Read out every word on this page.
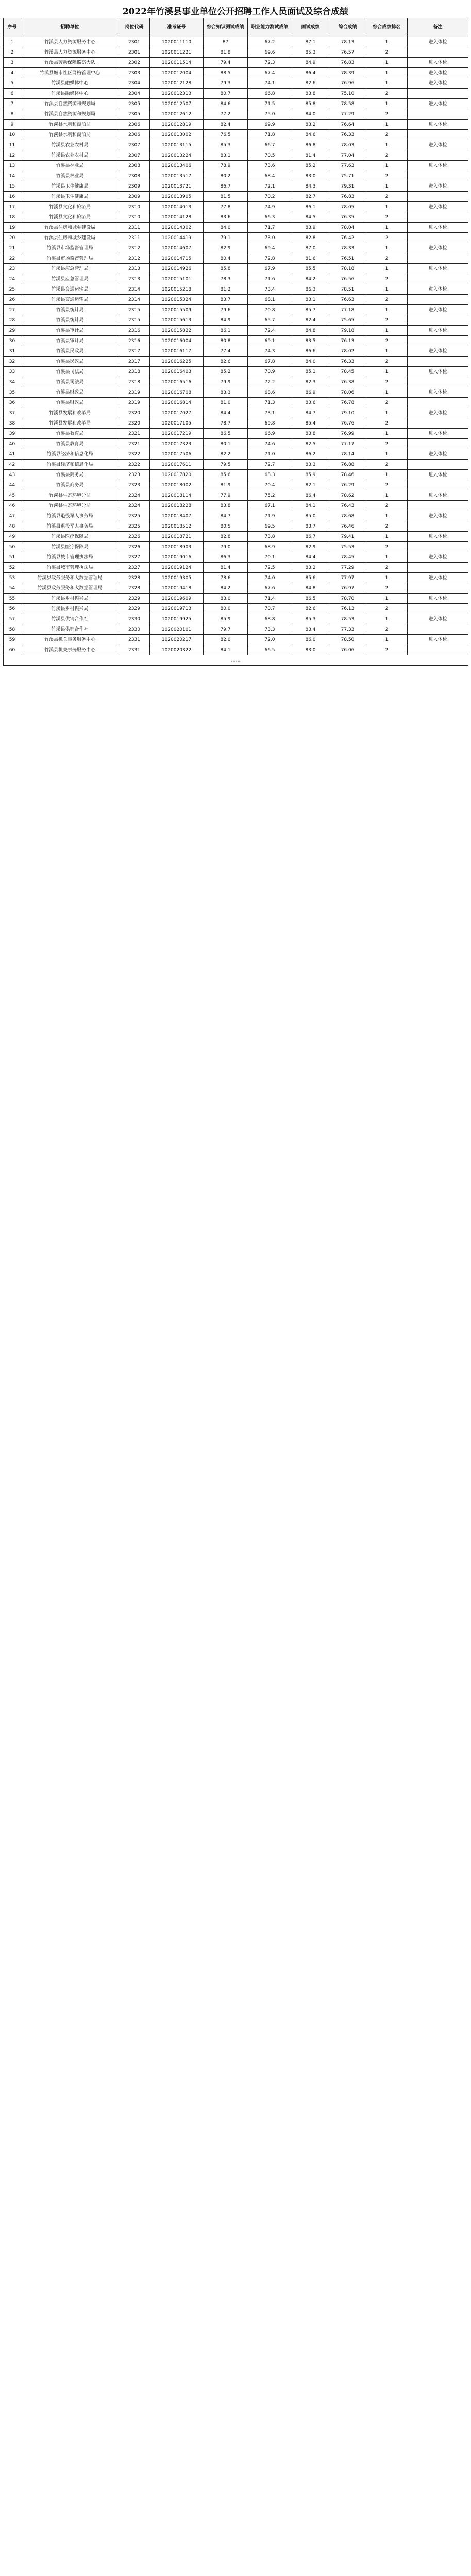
2022年竹溪县事业单位公开招聘工作人员面试及综合成绩
序号	招聘单位	岗位代码	准考证号	综合知识测试成绩	职业能力测试成绩	面试成绩	综合成绩	综合成绩排名	备注
1	竹溪县人力资源服务中心	2301	1020011110	87	67.2	87.1	78.13	1	进入体检
2	竹溪县人力资源服务中心	2301	1020011221	81.8	69.6	85.3	76.57	2	
3	竹溪县劳动保障监察大队	2302	1020011514	79.4	72.3	84.9	76.83	1	进入体检
4	竹溪县城市社区网格管理中心	2303	1020012004	88.5	67.4	86.4	78.39	1	进入体检
5	竹溪县融媒体中心	2304	1020012128	79.3	74.1	82.6	76.96	1	进入体检
6	竹溪县融媒体中心	2304	1020012313	80.7	66.8	83.8	75.10	2	
7	竹溪县自然资源和规划局	2305	1020012507	84.6	71.5	85.8	78.58	1	进入体检
8	竹溪县自然资源和规划局	2305	1020012612	77.2	75.0	84.0	77.29	2	
9	竹溪县水利和湖泊局	2306	1020012819	82.4	69.9	83.2	76.64	1	进入体检
10	竹溪县水利和湖泊局	2306	1020013002	76.5	71.8	84.6	76.33	2	
11	竹溪县农业农村局	2307	1020013115	85.3	66.7	86.8	78.03	1	进入体检
12	竹溪县农业农村局	2307	1020013224	83.1	70.5	81.4	77.04	2	
13	竹溪县林业局	2308	1020013406	78.9	73.6	85.2	77.63	1	进入体检
14	竹溪县林业局	2308	1020013517	80.2	68.4	83.0	75.71	2	
15	竹溪县卫生健康局	2309	1020013721	86.7	72.1	84.3	79.31	1	进入体检
16	竹溪县卫生健康局	2309	1020013905	81.5	70.2	82.7	76.83	2	
17	竹溪县文化和旅游局	2310	1020014013	77.8	74.9	86.1	78.05	1	进入体检
18	竹溪县文化和旅游局	2310	1020014128	83.6	66.3	84.5	76.35	2	
19	竹溪县住房和城乡建设局	2311	1020014302	84.0	71.7	83.9	78.04	1	进入体检
20	竹溪县住房和城乡建设局	2311	1020014419	79.1	73.0	82.8	76.42	2	
21	竹溪县市场监督管理局	2312	1020014607	82.9	69.4	87.0	78.33	1	进入体检
22	竹溪县市场监督管理局	2312	1020014715	80.4	72.8	81.6	76.51	2	
23	竹溪县应急管理局	2313	1020014926	85.8	67.9	85.5	78.18	1	进入体检
24	竹溪县应急管理局	2313	1020015101	78.3	71.6	84.2	76.56	2	
25	竹溪县交通运输局	2314	1020015218	81.2	73.4	86.3	78.51	1	进入体检
26	竹溪县交通运输局	2314	1020015324	83.7	68.1	83.1	76.63	2	
27	竹溪县统计局	2315	1020015509	79.6	70.8	85.7	77.18	1	进入体检
28	竹溪县统计局	2315	1020015613	84.9	65.7	82.4	75.65	2	
29	竹溪县审计局	2316	1020015822	86.1	72.4	84.8	79.18	1	进入体检
30	竹溪县审计局	2316	1020016004	80.8	69.1	83.5	76.13	2	
31	竹溪县民政局	2317	1020016117	77.4	74.3	86.6	78.02	1	进入体检
32	竹溪县民政局	2317	1020016225	82.6	67.8	84.0	76.33	2	
33	竹溪县司法局	2318	1020016403	85.2	70.9	85.1	78.45	1	进入体检
34	竹溪县司法局	2318	1020016516	79.9	72.2	82.3	76.38	2	
35	竹溪县财政局	2319	1020016708	83.3	68.6	86.9	78.06	1	进入体检
36	竹溪县财政局	2319	1020016814	81.0	71.3	83.6	76.78	2	
37	竹溪县发展和改革局	2320	1020017027	84.4	73.1	84.7	79.10	1	进入体检
38	竹溪县发展和改革局	2320	1020017105	78.7	69.8	85.4	76.76	2	
39	竹溪县教育局	2321	1020017219	86.5	66.9	83.8	76.99	1	进入体检
40	竹溪县教育局	2321	1020017323	80.1	74.6	82.5	77.17	2	
41	竹溪县经济和信息化局	2322	1020017506	82.2	71.0	86.2	78.14	1	进入体检
42	竹溪县经济和信息化局	2322	1020017611	79.5	72.7	83.3	76.88	2	
43	竹溪县商务局	2323	1020017820	85.6	68.3	85.9	78.46	1	进入体检
44	竹溪县商务局	2323	1020018002	81.9	70.4	82.1	76.29	2	
45	竹溪县生态环境分局	2324	1020018114	77.9	75.2	86.4	78.62	1	进入体检
46	竹溪县生态环境分局	2324	1020018228	83.8	67.1	84.1	76.43	2	
47	竹溪县退役军人事务局	2325	1020018407	84.7	71.9	85.0	78.68	1	进入体检
48	竹溪县退役军人事务局	2325	1020018512	80.5	69.5	83.7	76.46	2	
49	竹溪县医疗保障局	2326	1020018721	82.8	73.8	86.7	79.41	1	进入体检
50	竹溪县医疗保障局	2326	1020018903	79.0	68.9	82.9	75.53	2	
51	竹溪县城市管理执法局	2327	1020019016	86.3	70.1	84.4	78.45	1	进入体检
52	竹溪县城市管理执法局	2327	1020019124	81.4	72.5	83.2	77.29	2	
53	竹溪县政务服务和大数据管理局	2328	1020019305	78.6	74.0	85.6	77.97	1	进入体检
54	竹溪县政务服务和大数据管理局	2328	1020019418	84.2	67.6	84.8	76.97	2	
55	竹溪县乡村振兴局	2329	1020019609	83.0	71.4	86.5	78.70	1	进入体检
56	竹溪县乡村振兴局	2329	1020019713	80.0	70.7	82.6	76.13	2	
57	竹溪县供销合作社	2330	1020019925	85.9	68.8	85.3	78.53	1	进入体检
58	竹溪县供销合作社	2330	1020020101	79.7	73.3	83.4	77.33	2	
59	竹溪县机关事务服务中心	2331	1020020217	82.0	72.0	86.0	78.50	1	进入体检
60	竹溪县机关事务服务中心	2331	1020020322	84.1	66.5	83.0	76.06	2	
……									
